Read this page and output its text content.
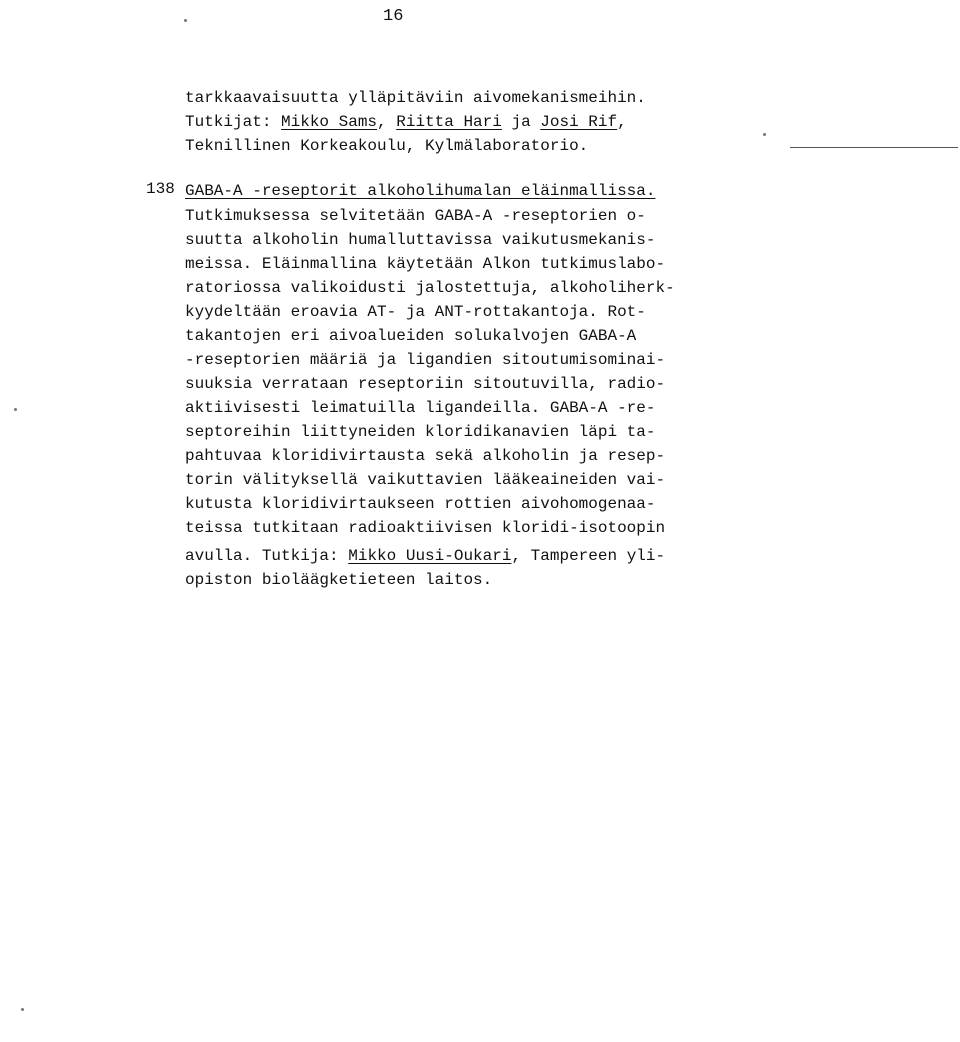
16
tarkkaavaisuutta ylläpitäviin aivomekanismeihin.
Tutkijat: Mikko Sams, Riitta Hari ja Josi Rif,
Teknillinen Korkeakoulu, Kylmälaboratorio.
138 GABA-A -reseptorit alkoholihumalan eläinmallissa.
Tutkimuksessa selvitetään GABA-A -reseptorien o-
suutta alkoholin humalluttavissa vaikutusmekanis-
meissa. Eläinmallina käytetään Alkon tutkimuslabo-
ratoriossa valikoidusti jalostettuja, alkoholiherk-
kyydeltään eroavia AT- ja ANT-rottakantoja. Rot-
takantojen eri aivoalueiden solukalvojen GABA-A
-reseptorien määriä ja ligandien sitoutumisominai-
suuksia verrataan reseptoriin sitoutuvilla, radio-
aktiivisesti leimatuilla ligandeilla. GABA-A -re-
septoreihin liittyneiden kloridikanavien läpi ta-
pahtuvaa kloridivirtausta sekä alkoholin ja resep-
torin välityksellä vaikuttavien lääkeaineiden vai-
kutusta kloridivirtaukseen rottien aivohomogenaa-
teissa tutkitaan radioaktiivisen kloridi-isotoopin
avulla. Tutkija: Mikko Uusi-Oukari, Tampereen yli-
opiston bioläägketieteen laitos.
